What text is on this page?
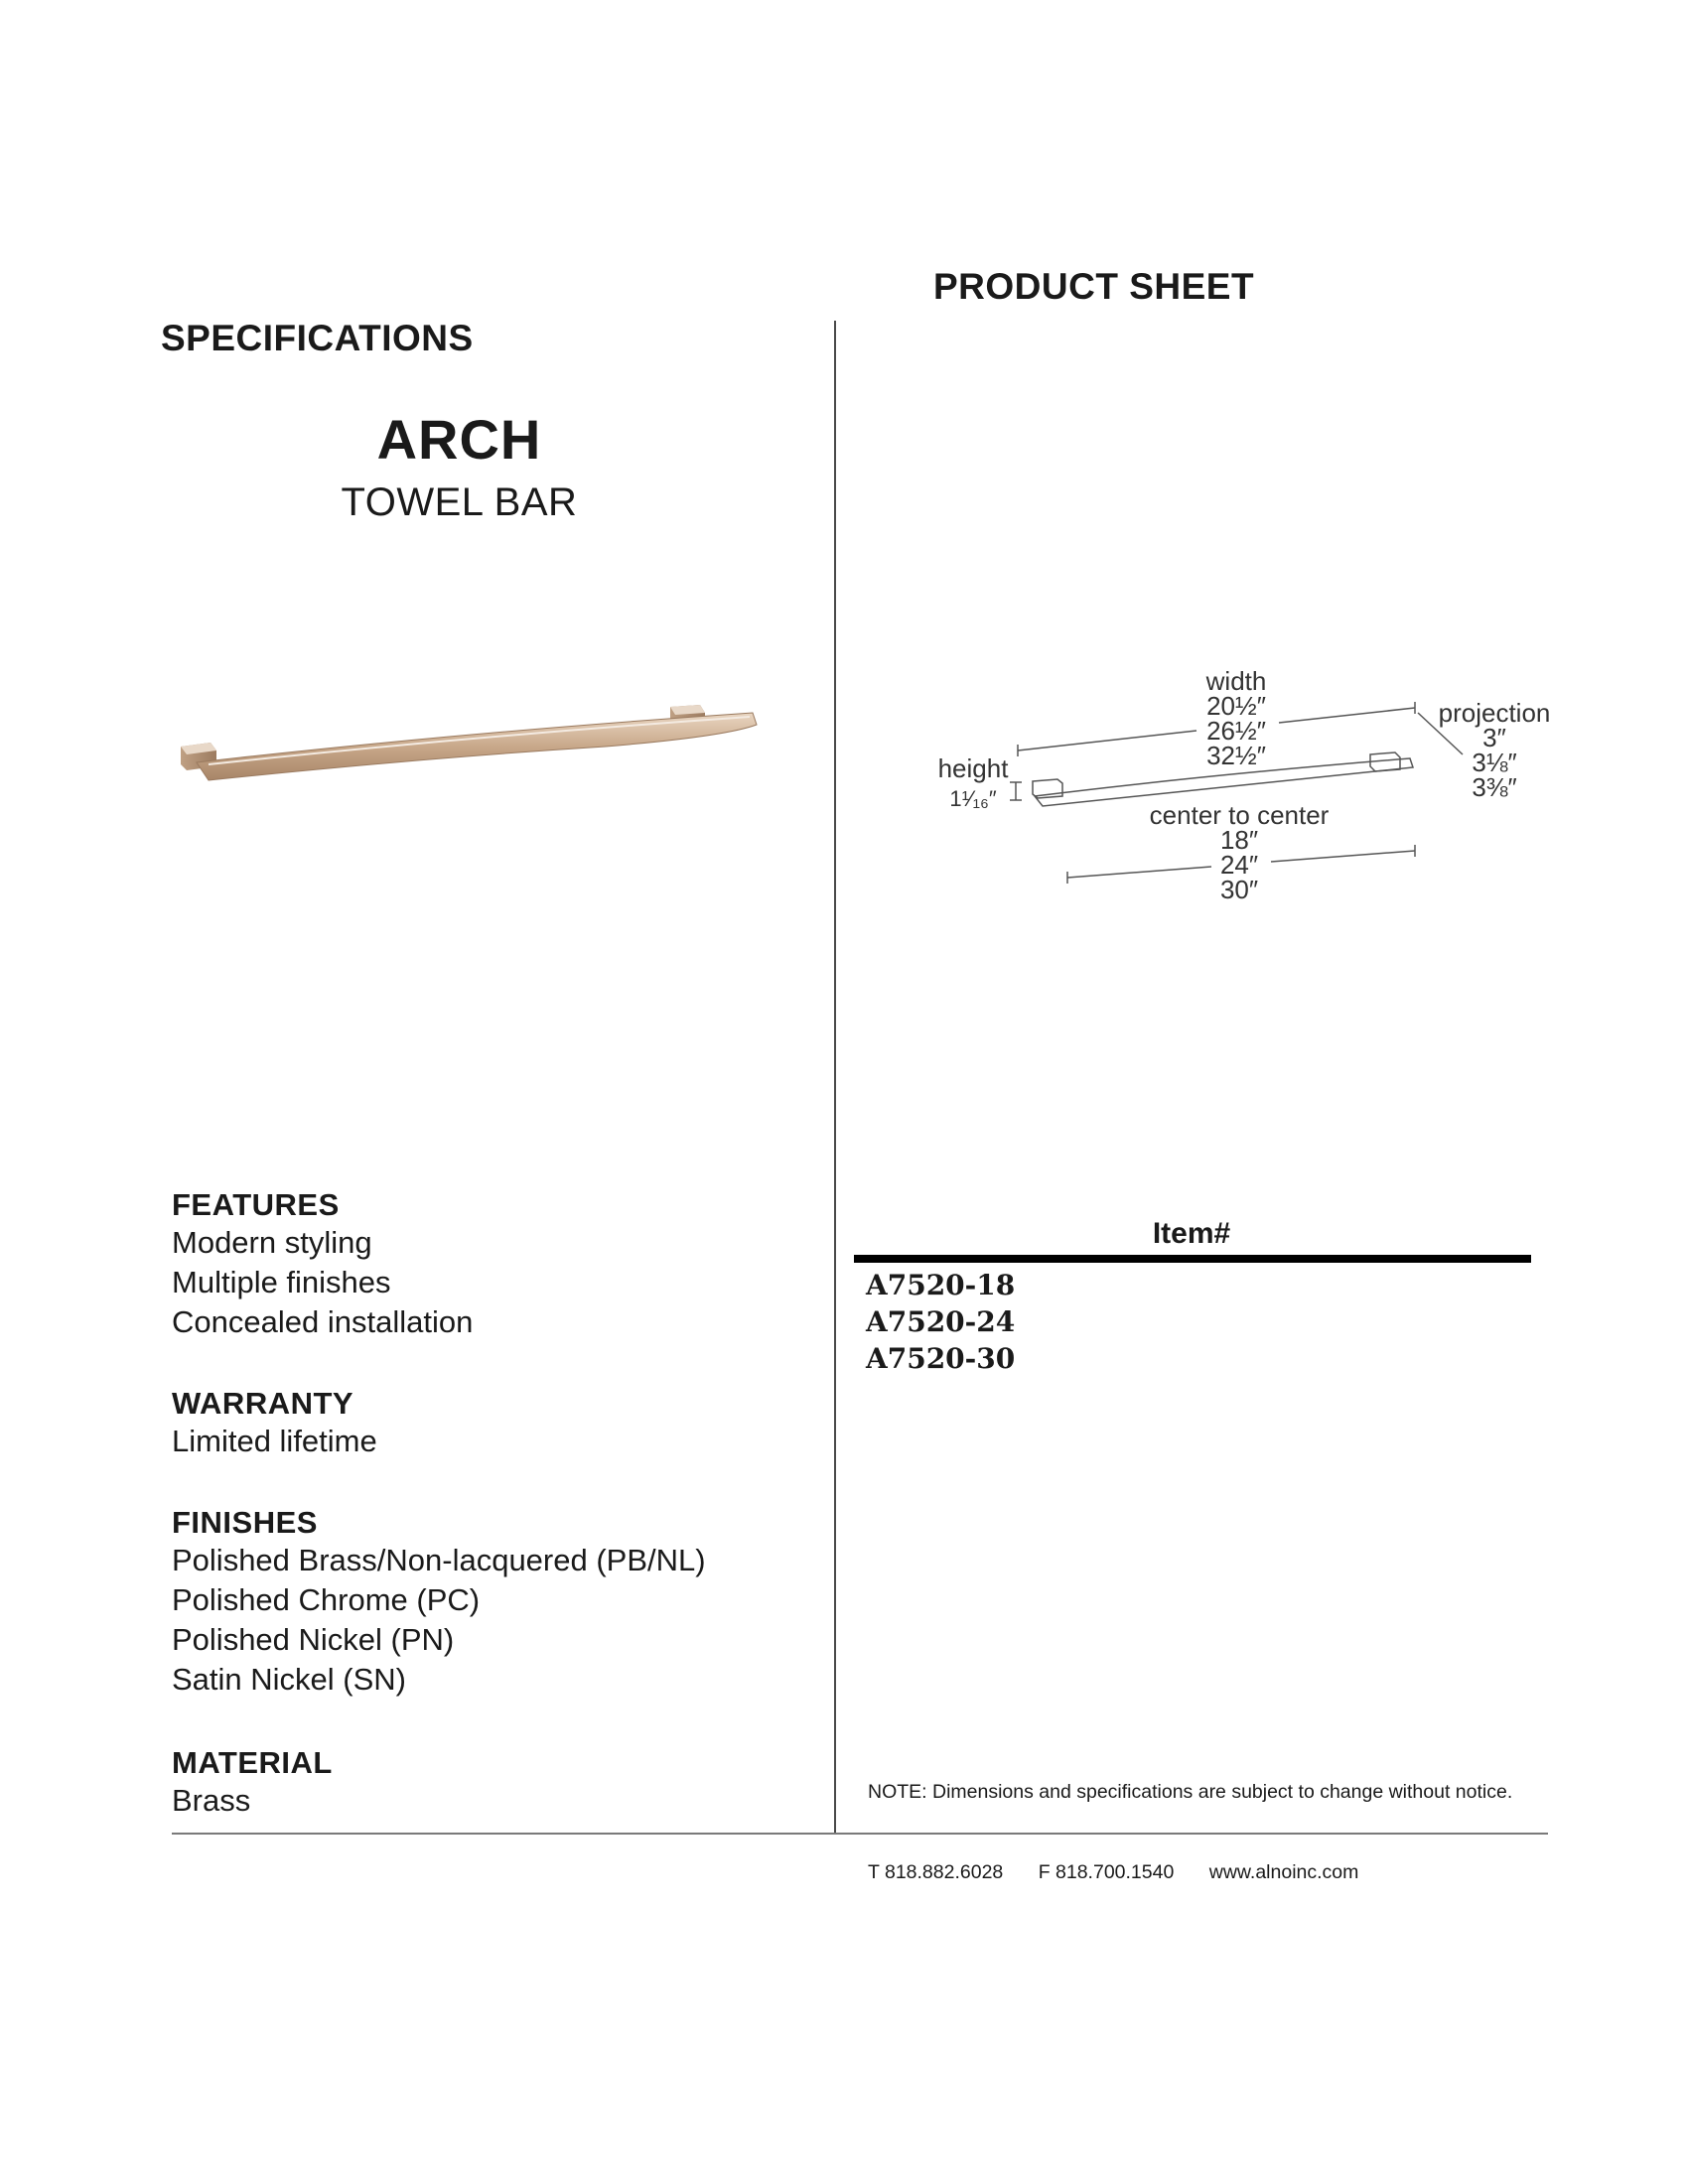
PRODUCT SHEET
SPECIFICATIONS
ARCH
TOWEL BAR
width
20½″
26½″
32½″
projection
3″
3⅛″
3⅜″
height
1¹⁄₁₆″
center to center
18″
24″
30″
FEATURES
Modern styling
Multiple finishes
Concealed installation
WARRANTY
Limited lifetime
FINISHES
Polished Brass/Non-lacquered (PB/NL)
Polished Chrome (PC)
Polished Nickel (PN)
Satin Nickel (SN)
MATERIAL
Brass
Item#
A7520-18
A7520-24
A7520-30
NOTE: Dimensions and specifications are subject to change without notice.
T 818.882.6028 F 818.700.1540 www.alnoinc.com
